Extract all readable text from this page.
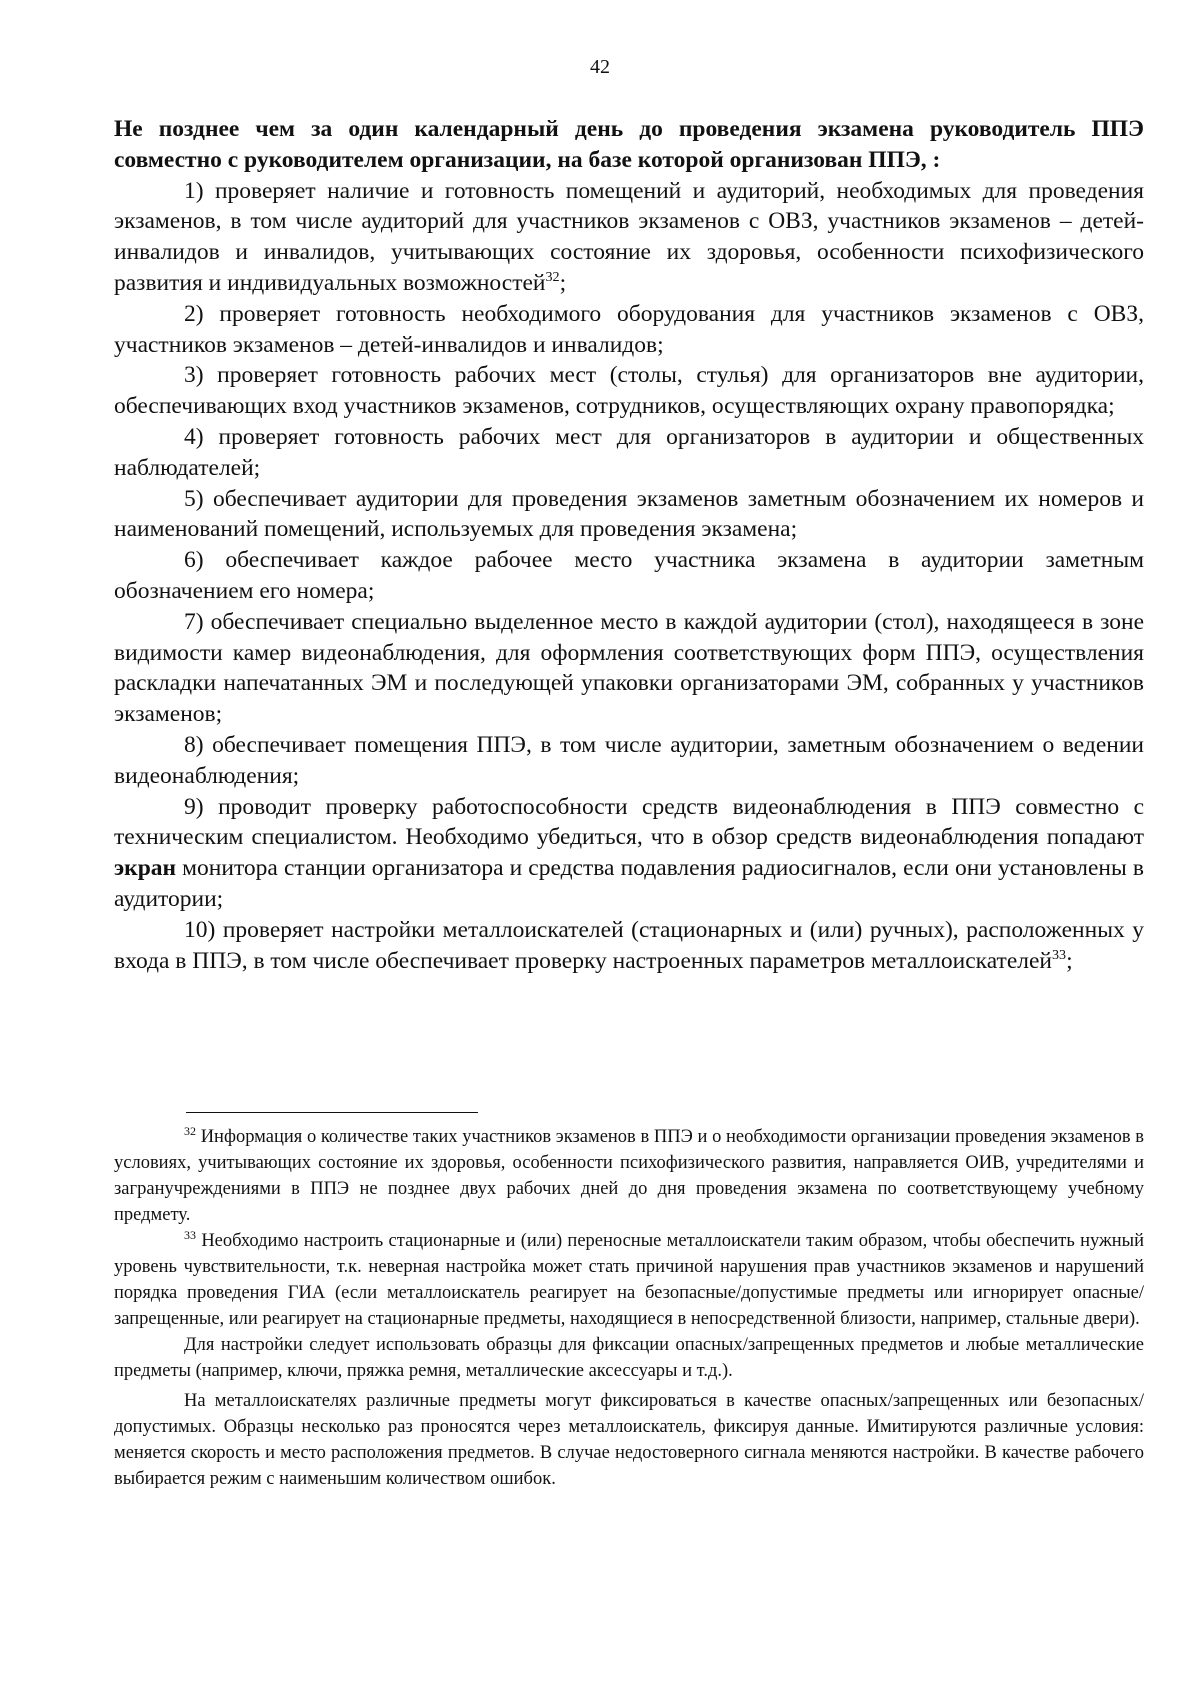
42

Не позднее чем за один календарный день до проведения экзамена руководитель ППЭ совместно с руководителем организации, на базе которой организован ППЭ, :

1) проверяет наличие и готовность помещений и аудиторий, необходимых для проведения экзаменов, в том числе аудиторий для участников экзаменов с ОВЗ, участников экзаменов – детей-инвалидов и инвалидов, учитывающих состояние их здоровья, особенности психофизического развития и индивидуальных возможностей$^{32}$;

2) проверяет готовность необходимого оборудования для участников экзаменов с ОВЗ, участников экзаменов – детей-инвалидов и инвалидов;

3) проверяет готовность рабочих мест (столы, стулья) для организаторов вне аудитории, обеспечивающих вход участников экзаменов, сотрудников, осуществляющих охрану правопорядка;

4) проверяет готовность рабочих мест для организаторов в аудитории и общественных наблюдателей;

5) обеспечивает аудитории для проведения экзаменов заметным обозначением их номеров и наименований помещений, используемых для проведения экзамена;

6) обеспечивает каждое рабочее место участника экзамена в аудитории заметным обозначением его номера;

7) обеспечивает специально выделенное место в каждой аудитории (стол), находящееся в зоне видимости камер видеонаблюдения, для оформления соответствующих форм ППЭ, осуществления раскладки напечатанных ЭМ и последующей упаковки организаторами ЭМ, собранных у участников экзаменов;

8) обеспечивает помещения ППЭ, в том числе аудитории, заметным обозначением о ведении видеонаблюдения;

9) проводит проверку работоспособности средств видеонаблюдения в ППЭ совместно с техническим специалистом. Необходимо убедиться, что в обзор средств видеонаблюдения попадают экран монитора станции организатора и средства подавления радиосигналов, если они установлены в аудитории;

10) проверяет настройки металлоискателей (стационарных и (или) ручных), расположенных у входа в ППЭ, в том числе обеспечивает проверку настроенных параметров металлоискателей$^{33}$;

$^{32}$ Информация о количестве таких участников экзаменов в ППЭ и о необходимости организации проведения экзаменов в условиях, учитывающих состояние их здоровья, особенности психофизического развития, направляется ОИВ, учредителями и загранучреждениями в ППЭ не позднее двух рабочих дней до дня проведения экзамена по соответствующему учебному предмету.

$^{33}$ Необходимо настроить стационарные и (или) переносные металлоискатели таким образом, чтобы обеспечить нужный уровень чувствительности, т.к. неверная настройка может стать причиной нарушения прав участников экзаменов и нарушений порядка проведения ГИА (если металлоискатель реагирует на безопасные/допустимые предметы или игнорирует опасные/запрещенные, или реагирует на стационарные предметы, находящиеся в непосредственной близости, например, стальные двери).

Для настройки следует использовать образцы для фиксации опасных/запрещенных предметов и любые металлические предметы (например, ключи, пряжка ремня, металлические аксессуары и т.д.).

На металлоискателях различные предметы могут фиксироваться в качестве опасных/запрещенных или безопасных/допустимых. Образцы несколько раз проносятся через металлоискатель, фиксируя данные. Имитируются различные условия: меняется скорость и место расположения предметов. В случае недостоверного сигнала меняются настройки. В качестве рабочего выбирается режим с наименьшим количеством ошибок.
